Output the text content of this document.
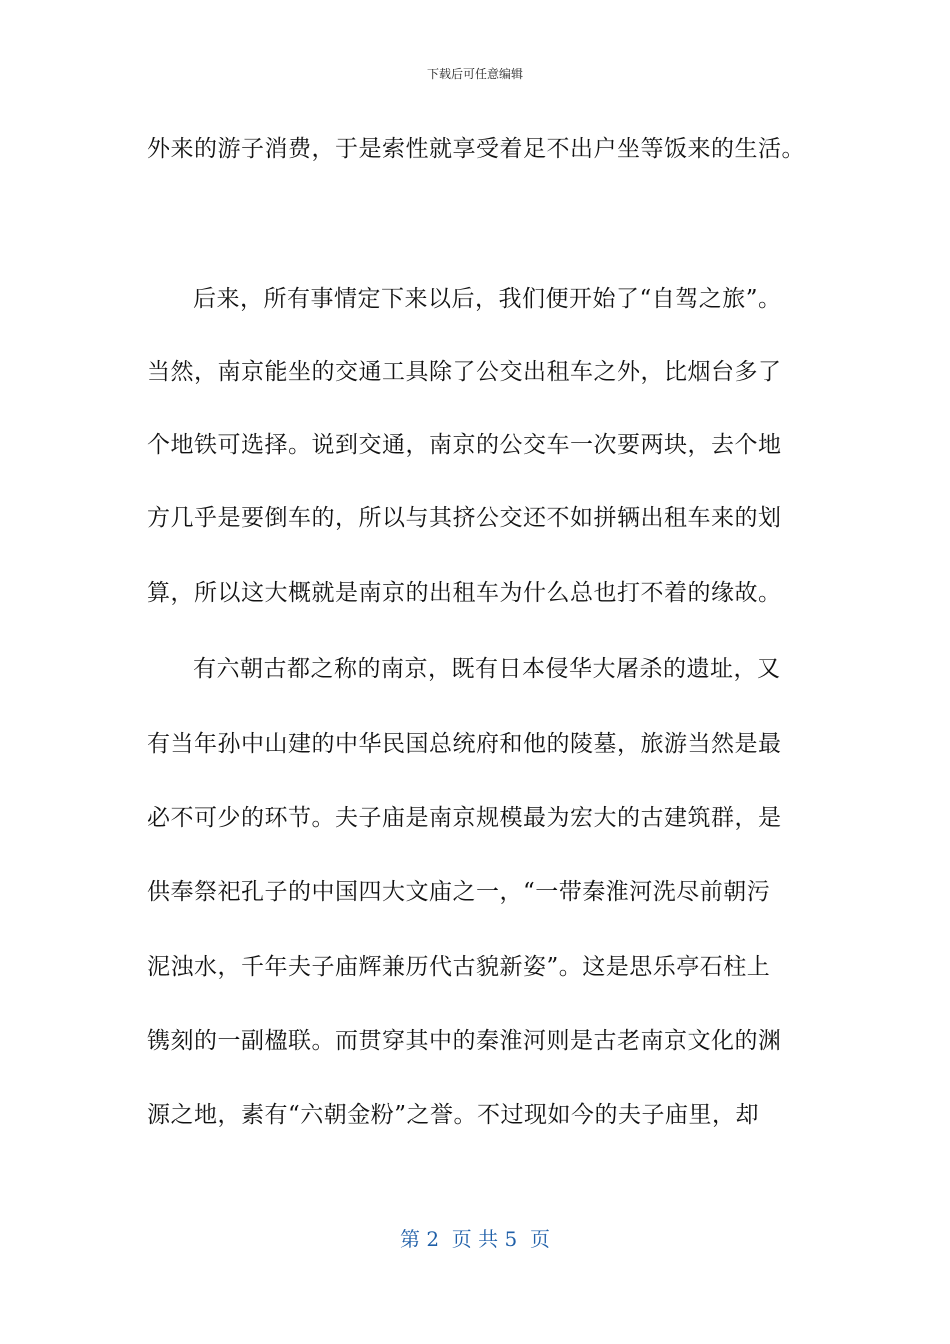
下载后可任意编辑
外来的游子消费，于是索性就享受着足不出户坐等饭来的生活。
后来，所有事情定下来以后，我们便开始了“自驾之旅”。
当然，南京能坐的交通工具除了公交出租车之外，比烟台多了
个地铁可选择。说到交通，南京的公交车一次要两块，去个地
方几乎是要倒车的，所以与其挤公交还不如拼辆出租车来的划
算，所以这大概就是南京的出租车为什么总也打不着的缘故。
有六朝古都之称的南京，既有日本侵华大屠杀的遗址，又
有当年孙中山建的中华民国总统府和他的陵墓，旅游当然是最
必不可少的环节。夫子庙是南京规模最为宏大的古建筑群，是
供奉祭祀孔子的中国四大文庙之一，“一带秦淮河洗尽前朝污
泥浊水，千年夫子庙辉兼历代古貌新姿”。这是思乐亭石柱上
镌刻的一副楹联。而贯穿其中的秦淮河则是古老南京文化的渊
源之地，素有“六朝金粉”之誉。不过现如今的夫子庙里，却
第 2  页 共 5  页
